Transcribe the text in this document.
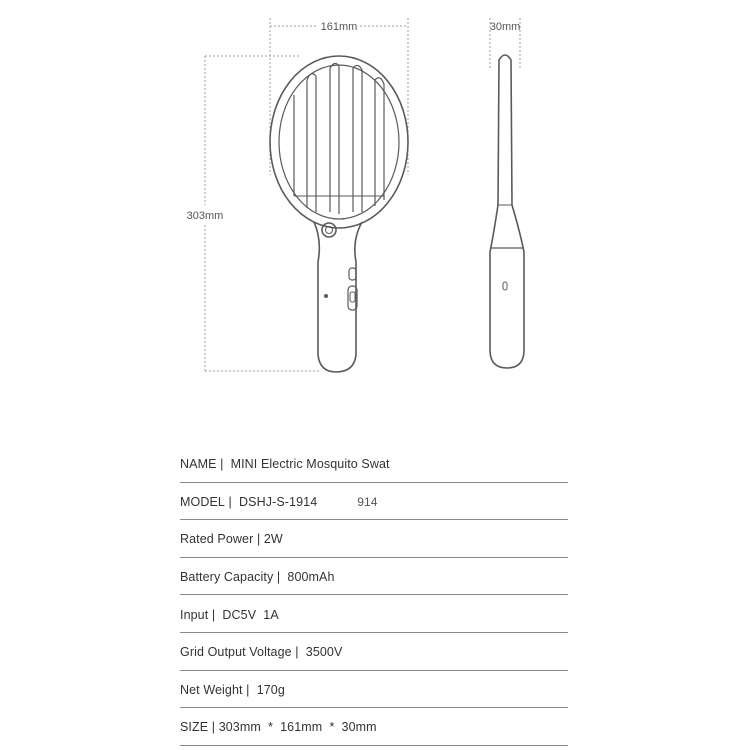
161mm	30mm
303mm
NAME | MINI Electric Mosquito Swat
MODEL | DSHJ-S-1914	914
Rated Power | 2W
Battery Capacity | 800mAh
Input | DC5V  1A
Grid Output Voltage | 3500V
Net Weight | 170g
SIZE | 303mm  *  161mm  *  30mm
